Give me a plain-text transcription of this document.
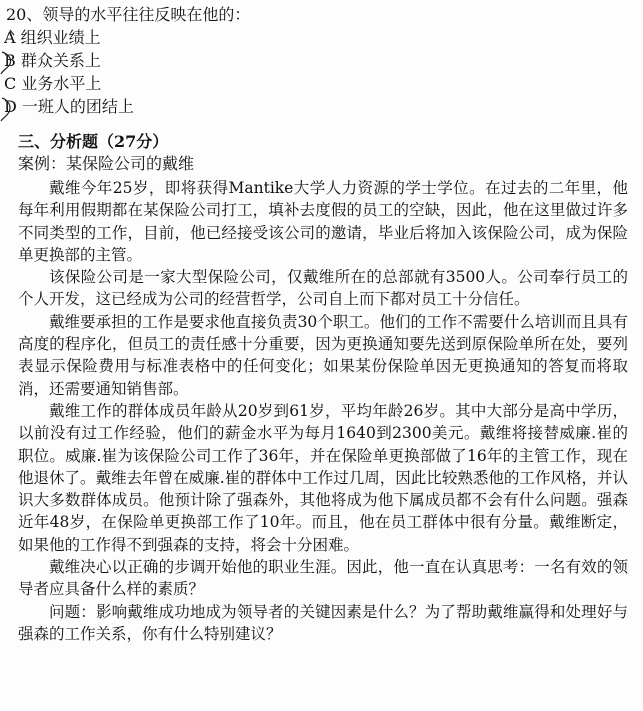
20、领导的水平往往反映在他的：
A 组织业绩上
B 群众关系上
C 业务水平上
D 一班人的团结上
三、分析题（27分）
案例：某保险公司的戴维

戴维今年25岁，即将获得Mantike大学人力资源的学士学位。在过去的二年里，他每年利用假期都在某保险公司打工，填补去度假的员工的空缺，因此，他在这里做过许多不同类型的工作，目前，他已经接受该公司的邀请，毕业后将加入该保险公司，成为保险单更换部的主管。

该保险公司是一家大型保险公司，仅戴维所在的总部就有3500人。公司奉行员工的个人开发，这已经成为公司的经营哲学，公司自上而下都对员工十分信任。

戴维要承担的工作是要求他直接负责30个职工。他们的工作不需要什么培训而且具有高度的程序化，但员工的责任感十分重要，因为更换通知要先送到原保险单所在处，要列表显示保险费用与标准表格中的任何变化；如果某份保险单因无更换通知的答复而将取消，还需要通知销售部。

戴维工作的群体成员年龄从20岁到61岁，平均年龄26岁。其中大部分是高中学历，以前没有过工作经验，他们的薪金水平为每月1640到2300美元。戴维将接替威廉.崔的职位。威廉.崔为该保险公司工作了36年，并在保险单更换部做了16年的主管工作，现在他退休了。戴维去年曾在威廉.崔的群体中工作过几周，因此比较熟悉他的工作风格，并认识大多数群体成员。他预计除了强森外，其他将成为他下属成员都不会有什么问题。强森近年48岁，在保险单更换部工作了10年。而且，他在员工群体中很有分量。戴维断定，如果他的工作得不到强森的支持，将会十分困难。

戴维决心以正确的步调开始他的职业生涯。因此，他一直在认真思考：一名有效的领导者应具备什么样的素质？

问题：影响戴维成功地成为领导者的关键因素是什么？为了帮助戴维赢得和处理好与强森的工作关系，你有什么特别建议？
